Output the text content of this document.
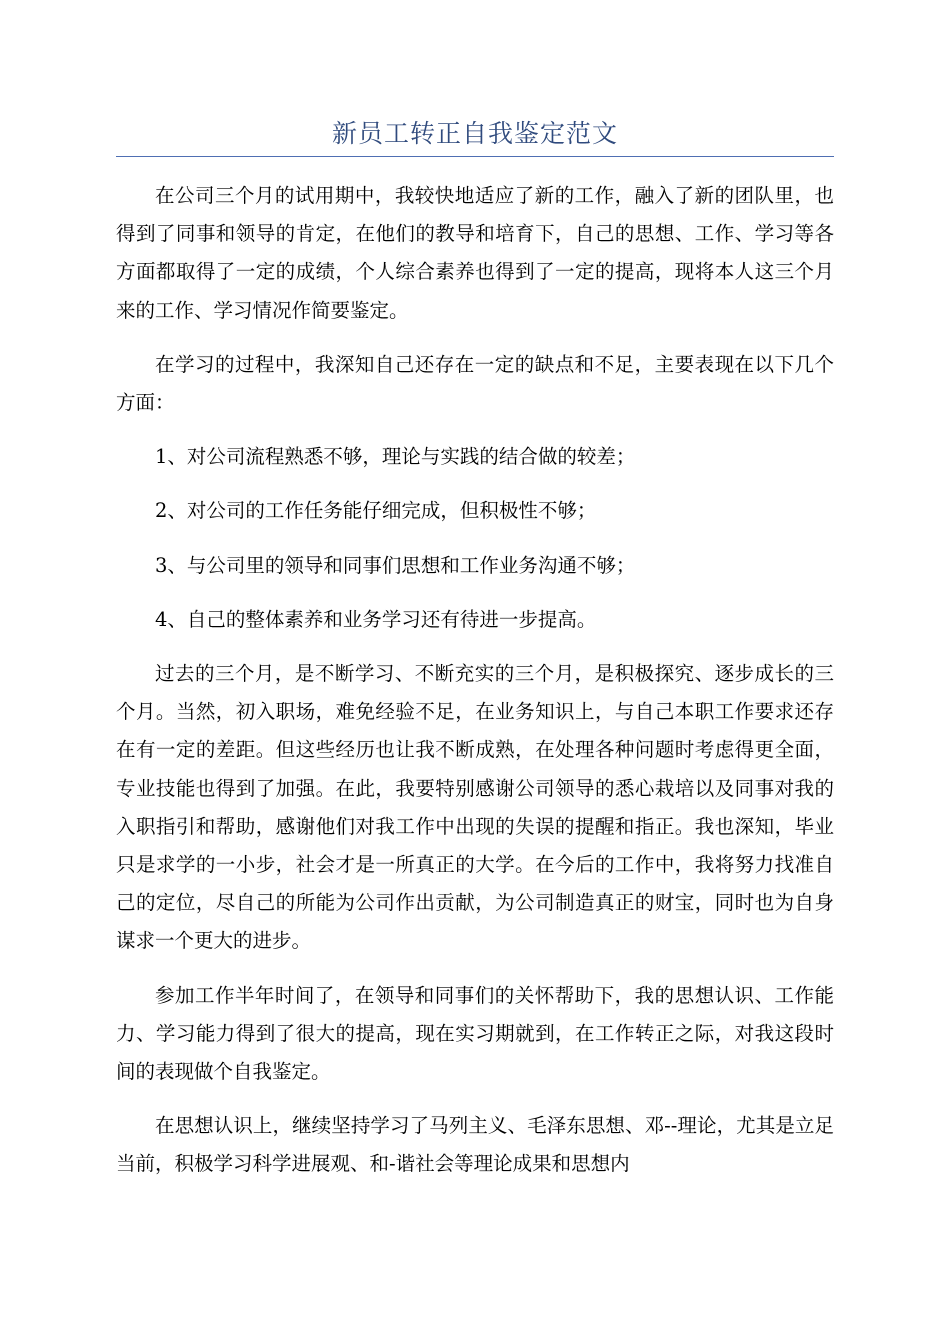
新员工转正自我鉴定范文

在公司三个月的试用期中，我较快地适应了新的工作，融入了新的团队里，也得到了同事和领导的肯定，在他们的教导和培育下，自己的思想、工作、学习等各方面都取得了一定的成绩，个人综合素养也得到了一定的提高，现将本人这三个月来的工作、学习情况作简要鉴定。

在学习的过程中，我深知自己还存在一定的缺点和不足，主要表现在以下几个方面：

1、对公司流程熟悉不够，理论与实践的结合做的较差；

2、对公司的工作任务能仔细完成，但积极性不够；

3、与公司里的领导和同事们思想和工作业务沟通不够；

4、自己的整体素养和业务学习还有待进一步提高。

过去的三个月，是不断学习、不断充实的三个月，是积极探究、逐步成长的三个月。当然，初入职场，难免经验不足，在业务知识上，与自己本职工作要求还存在有一定的差距。但这些经历也让我不断成熟，在处理各种问题时考虑得更全面，专业技能也得到了加强。在此，我要特别感谢公司领导的悉心栽培以及同事对我的入职指引和帮助，感谢他们对我工作中出现的失误的提醒和指正。我也深知，毕业只是求学的一小步，社会才是一所真正的大学。在今后的工作中，我将努力找准自己的定位，尽自己的所能为公司作出贡献，为公司制造真正的财宝，同时也为自身谋求一个更大的进步。

参加工作半年时间了，在领导和同事们的关怀帮助下，我的思想认识、工作能力、学习能力得到了很大的提高，现在实习期就到，在工作转正之际，对我这段时间的表现做个自我鉴定。

在思想认识上，继续坚持学习了马列主义、毛泽东思想、邓--理论，尤其是立足当前，积极学习科学进展观、和-谐社会等理论成果和思想内
